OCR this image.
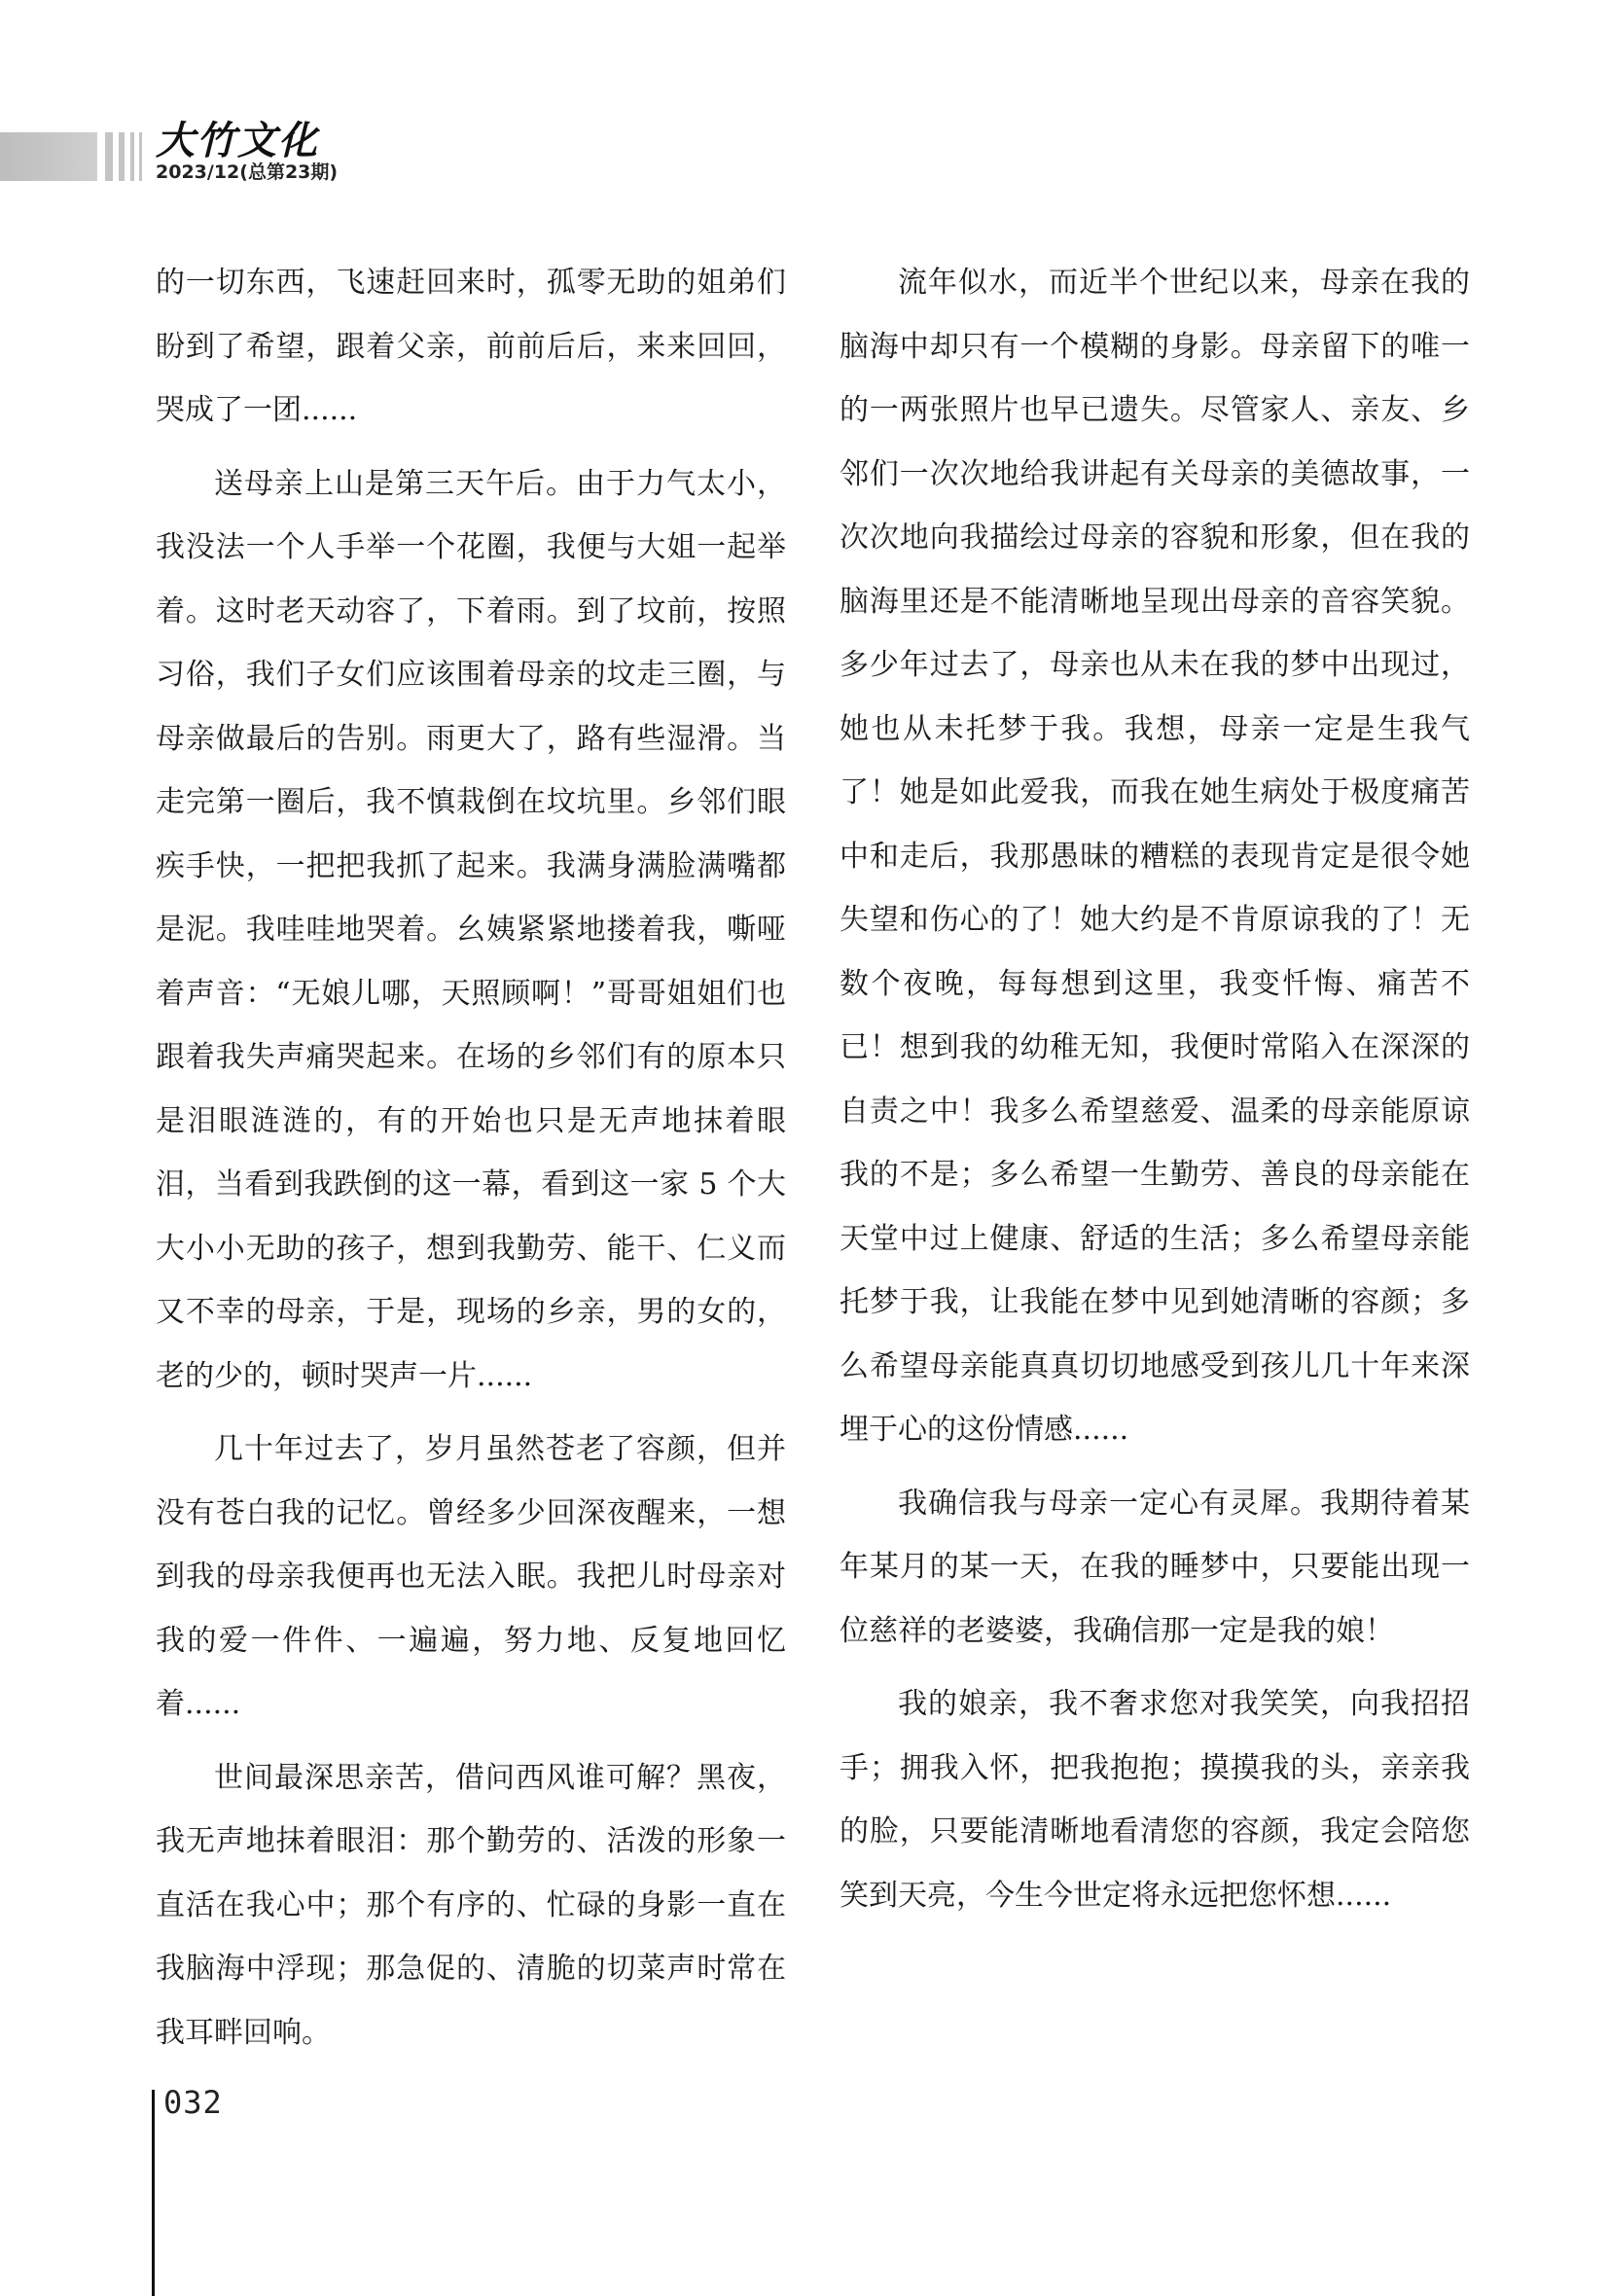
大竹文化
2023/12(总第23期)

的一切东西，飞速赶回来时，孤零无助的姐弟们盼到了希望，跟着父亲，前前后后，来来回回，哭成了一团......

送母亲上山是第三天午后。由于力气太小，我没法一个人手举一个花圈，我便与大姐一起举着。这时老天动容了，下着雨。到了坟前，按照习俗，我们子女们应该围着母亲的坟走三圈，与母亲做最后的告别。雨更大了，路有些湿滑。当走完第一圈后，我不慎栽倒在坟坑里。乡邻们眼疾手快，一把把我抓了起来。我满身满脸满嘴都是泥。我哇哇地哭着。幺姨紧紧地搂着我，嘶哑着声音：“无娘儿哪，天照顾啊！”哥哥姐姐们也跟着我失声痛哭起来。在场的乡邻们有的原本只是泪眼涟涟的，有的开始也只是无声地抹着眼泪，当看到我跌倒的这一幕，看到这一家 5 个大大小小无助的孩子，想到我勤劳、能干、仁义而又不幸的母亲，于是，现场的乡亲，男的女的，老的少的，顿时哭声一片......

几十年过去了，岁月虽然苍老了容颜，但并没有苍白我的记忆。曾经多少回深夜醒来，一想到我的母亲我便再也无法入眠。我把儿时母亲对我的爱一件件、一遍遍，努力地、反复地回忆着......

世间最深思亲苦，借问西风谁可解？黑夜，我无声地抹着眼泪：那个勤劳的、活泼的形象一直活在我心中；那个有序的、忙碌的身影一直在我脑海中浮现；那急促的、清脆的切菜声时常在我耳畔回响。

流年似水，而近半个世纪以来，母亲在我的脑海中却只有一个模糊的身影。母亲留下的唯一的一两张照片也早已遗失。尽管家人、亲友、乡邻们一次次地给我讲起有关母亲的美德故事，一次次地向我描绘过母亲的容貌和形象，但在我的脑海里还是不能清晰地呈现出母亲的音容笑貌。多少年过去了，母亲也从未在我的梦中出现过，她也从未托梦于我。我想，母亲一定是生我气了！她是如此爱我，而我在她生病处于极度痛苦中和走后，我那愚昧的糟糕的表现肯定是很令她失望和伤心的了！她大约是不肯原谅我的了！无数个夜晚，每每想到这里，我变忏悔、痛苦不已！想到我的幼稚无知，我便时常陷入在深深的自责之中！我多么希望慈爱、温柔的母亲能原谅我的不是；多么希望一生勤劳、善良的母亲能在天堂中过上健康、舒适的生活；多么希望母亲能托梦于我，让我能在梦中见到她清晰的容颜；多么希望母亲能真真切切地感受到孩儿几十年来深埋于心的这份情感......

我确信我与母亲一定心有灵犀。我期待着某年某月的某一天，在我的睡梦中，只要能出现一位慈祥的老婆婆，我确信那一定是我的娘！

我的娘亲，我不奢求您对我笑笑，向我招招手；拥我入怀，把我抱抱；摸摸我的头，亲亲我的脸，只要能清晰地看清您的容颜，我定会陪您笑到天亮，今生今世定将永远把您怀想......

032
